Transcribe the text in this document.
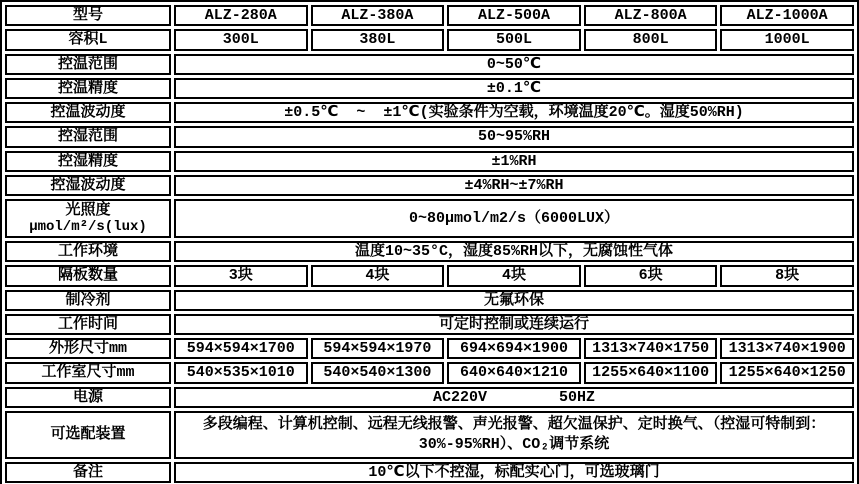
型号	ALZ-280A	ALZ-380A	ALZ-500A	ALZ-800A	ALZ-1000A
容积L	300L	380L	500L	800L	1000L
控温范围	0~50℃				
控温精度	±0.1℃				
控温波动度	±0.5℃  ~  ±1℃(实验条件为空载，环境温度20℃。湿度50%RH)				
控湿范围	50~95%RH				
控湿精度	±1%RH				
控湿波动度	±4%RH~±7%RH				

光照度
μmol/m²/s(lux)	0~80μmol/m2/s（6000LUX）				
工作环境	温度10~35°C，湿度85%RH以下，无腐蚀性气体				
隔板数量	3块	4块	4块	6块	8块
制冷剂	无氟环保				
工作时间	可定时控制或连续运行				
外形尺寸mm	594×594×1700	594×594×1970	694×694×1900	1313×740×1750	1313×740×1900
工作室尺寸mm	540×535×1010	540×540×1300	640×640×1210	1255×640×1100	1255×640×1250
电源	AC220V        50HZ				
可选配装置	多段编程、计算机控制、远程无线报警、声光报警、超欠温保护、定时换气、（控湿可特制到：30%-95%RH）、CO₂调节系统				
备注	10℃以下不控湿，标配实心门，可选玻璃门				
